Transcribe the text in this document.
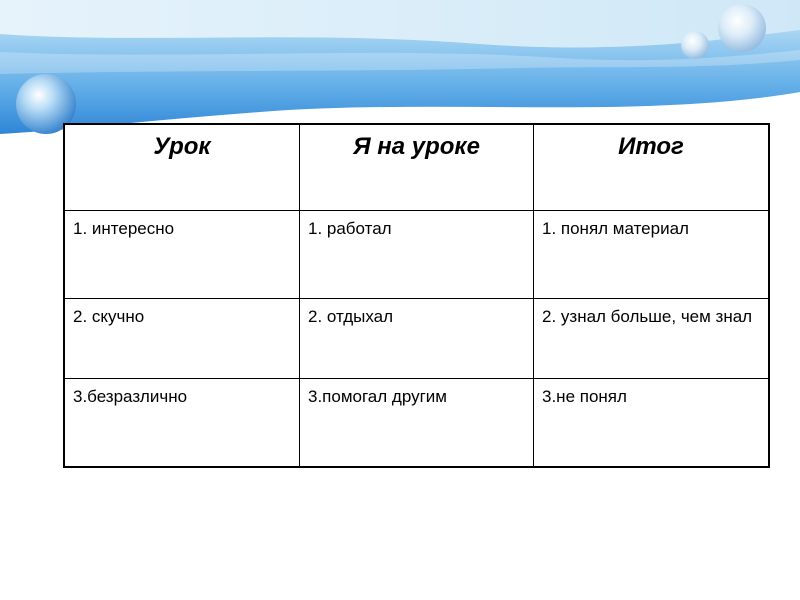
Урок	Я на уроке	Итог
1. интересно	1. работал	1. понял материал
2. скучно	2. отдыхал	2. узнал больше, чем знал
3.безразлично	3.помогал другим	3.не понял
